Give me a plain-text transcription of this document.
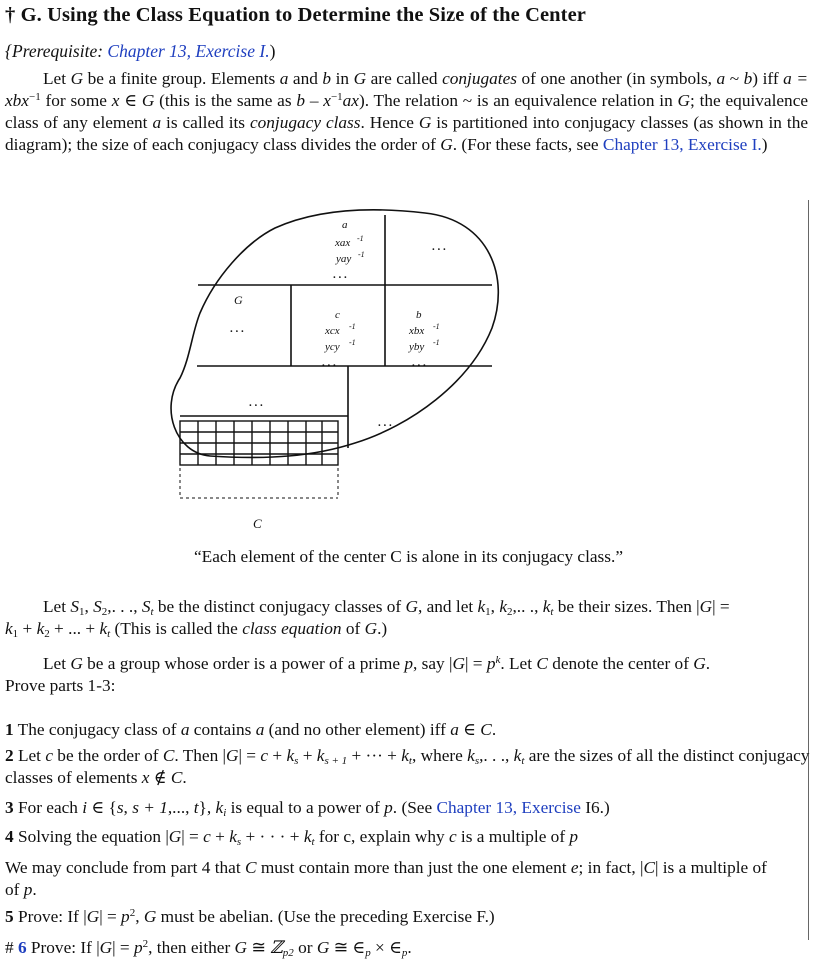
† G. Using the Class Equation to Determine the Size of the Center
{Prerequisite: Chapter 13, Exercise I.)
Let G be a finite group. Elements a and b in G are called conjugates of one another (in symbols, a ~ b) iff a = xbx$^{-1}$ for some x ∈ G (this is the same as b – $x^{-1}ax$). The relation ~ is an equivalence relation in G; the equivalence class of any element a is called its conjugacy class. Hence G is partitioned into conjugacy classes (as shown in the diagram); the size of each conjugacy class divides the order of G. (For these facts, see Chapter 13, Exercise I.)
G
a
xax -1
yay -1
. . .
. . .
. . .
c
xcx -1
ycy -1
. . .
b
xbx -1
yby -1
. . .
. . .
. . .
C
“Each element of the center C is alone in its conjugacy class.”
Let $S_1$, $S_2$,. . ., $S_t$ be the distinct conjugacy classes of G, and let $k_1$, $k_2$,.. ., $k_t$ be their sizes. Then |G| =
$k_1 + k_2$ + ... + $k_t$ (This is called the class equation of G.)
Let G be a group whose order is a power of a prime p, say $|G| = p^k$. Let C denote the center of G.
Prove parts 1-3:
1 The conjugacy class of a contains a (and no other element) iff a ∈ C.
2 Let c be the order of C. Then $|G| = c + k_s + k_{s + 1}$ + ··· + $k_t$, where $k_s$,. . ., $k_t$ are the sizes of all the distinct conjugacy classes of elements x ∉ C.
3 For each i ∈ {s, s + 1,..., t}, $k_i$ is equal to a power of p. (See Chapter 13, Exercise I6.)
4 Solving the equation $|G| = c + k_s$ + · · · + $k_t$ for c, explain why c is a multiple of p
We may conclude from part 4 that C must contain more than just the one element e; in fact, |C| is a multiple of
of p.
5 Prove: If $|G| = p^2$, G must be abelian. (Use the preceding Exercise F.)
# 6 Prove: If $|G| = p^2$, then either G ≅ ℤ$_{p2}$ or G ≅ $\in_p$ × $\in_p$.
